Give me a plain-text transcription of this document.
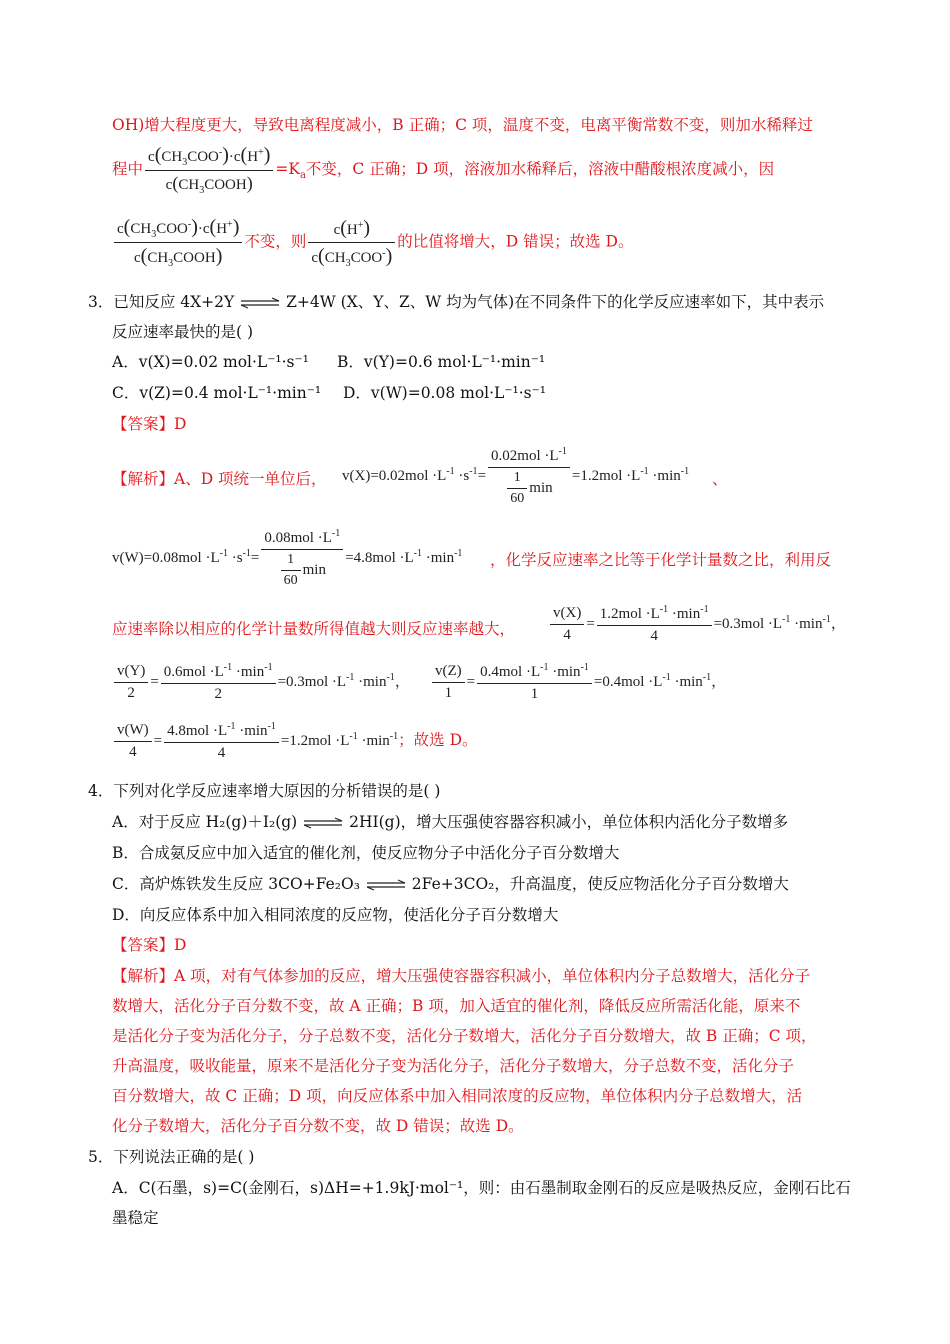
OH)增大程度更大，导致电离程度减小，B 正确；C 项，温度不变，电离平衡常数不变，则加水稀释过
程中 $\frac{c(CH_3COO^-)\cdot c(H^+)}{c(CH_3COOH)} =K_a$不变，C 正确；D 项，溶液加水稀释后，溶液中醋酸根浓度减小，因
$\frac{c(CH_3COO^-)\cdot c(H^+)}{c(CH_3COOH)}$ 不变，则 $\frac{c(H^+)}{c(CH_3COO^-)}$ 的比值将增大，D 错误；故选 D。
3．已知反应 4X+2Y ⇌ Z+4W (X、Y、Z、W 均为气体)在不同条件下的化学反应速率如下，其中表示
反应速率最快的是( )
A．v(X)=0.02 mol·L⁻¹·s⁻¹ B．v(Y)=0.6 mol·L⁻¹·min⁻¹
C．v(Z)=0.4 mol·L⁻¹·min⁻¹ D．v(W)=0.08 mol·L⁻¹·s⁻¹
【答案】D
【解析】A、D 项统一单位后， $v(X)=0.02mol \cdot L^{-1} \cdot s^{-1}= \frac{0.02mol \cdot L^{-1}}{\frac{1}{60} \min} =1.2mol \cdot L^{-1} \cdot\min^{-1}$ 、
$v(W)=0.08mol \cdot L^{-1} \cdot s^{-1}= \frac{0.08mol \cdot L^{-1}}{\frac{1}{60} \min} =4.8mol \cdot L^{-1} \cdot\min^{-1}$ ，化学反应速率之比等于化学计量数之比，利用反
应速率除以相应的化学计量数所得值越大则反应速率越大， $\frac{v(X)}{4} = \frac{1.2mol \cdot L^{-1} \cdot\min^{-1}}{4} =0.3mol \cdot L^{-1} \cdot\min^{-1}$，
$\frac{v(Y)}{2} = \frac{0.6mol \cdot L^{-1} \cdot\min^{-1}}{2} =0.3mol \cdot L^{-1} \cdot\min^{-1}$， $\frac{v(Z)}{1} = \frac{0.4mol \cdot L^{-1} \cdot\min^{-1}}{1} =0.4mol \cdot L^{-1} \cdot\min^{-1}$，
$\frac{v(W)}{4} = \frac{4.8mol \cdot L^{-1} \cdot\min^{-1}}{4} =1.2mol \cdot L^{-1} \cdot\min^{-1}$；故选 D。
4．下列对化学反应速率增大原因的分析错误的是( )
A．对于反应 H₂(g)＋I₂(g) ⇌ 2HI(g)，增大压强使容器容积减小，单位体积内活化分子数增多
B．合成氨反应中加入适宜的催化剂，使反应物分子中活化分子百分数增大
C．高炉炼铁发生反应 3CO+Fe₂O₃ ⇌ 2Fe+3CO₂，升高温度，使反应物活化分子百分数增大
D．向反应体系中加入相同浓度的反应物，使活化分子百分数增大
【答案】D
【解析】A 项，对有气体参加的反应，增大压强使容器容积减小，单位体积内分子总数增大，活化分子
数增大，活化分子百分数不变，故 A 正确；B 项，加入适宜的催化剂，降低反应所需活化能，原来不
是活化分子变为活化分子，分子总数不变，活化分子数增大，活化分子百分数增大，故 B 正确；C 项，
升高温度，吸收能量，原来不是活化分子变为活化分子，活化分子数增大，分子总数不变，活化分子
百分数增大，故 C 正确；D 项，向反应体系中加入相同浓度的反应物，单位体积内分子总数增大，活
化分子数增大，活化分子百分数不变，故 D 错误；故选 D。
5．下列说法正确的是( )
A．C(石墨，s)=C(金刚石，s)ΔH=+1.9kJ·mol⁻¹，则：由石墨制取金刚石的反应是吸热反应，金刚石比石
墨稳定
